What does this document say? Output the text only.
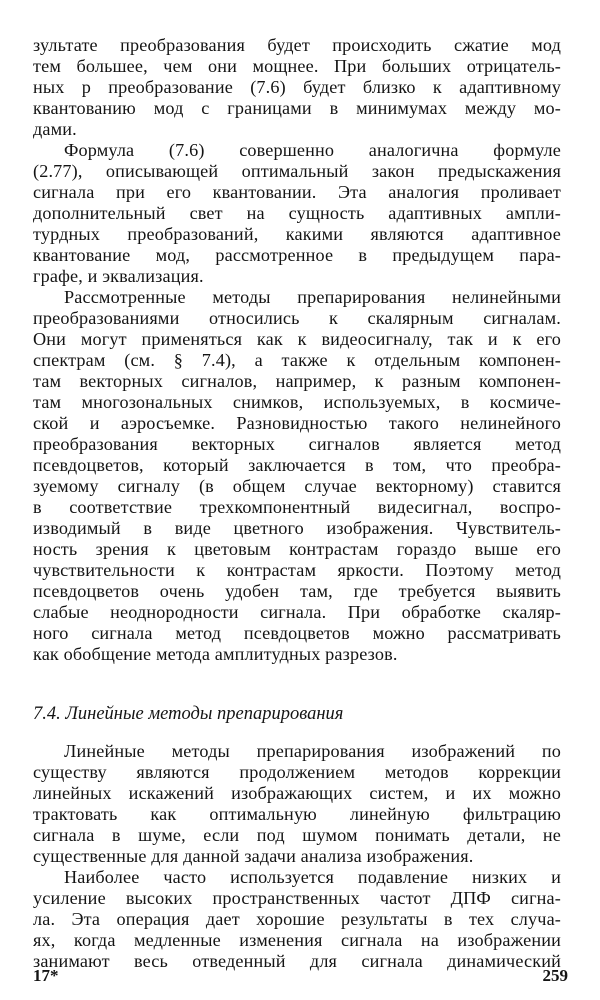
зультате преобразования будет происходить сжатие мод
тем большее, чем они мощнее. При больших отрицатель-
ных p преобразование (7.6) будет близко к адаптивному
квантованию мод с границами в минимумах между мо-
дами.
Формула (7.6) совершенно аналогична формуле
(2.77), описывающей оптимальный закон предыскажения
сигнала при его квантовании. Эта аналогия проливает
дополнительный свет на сущность адаптивных ампли-
турдных преобразований, какими являются адаптивное
квантование мод, рассмотренное в предыдущем пара-
графе, и эквализация.
Рассмотренные методы препарирования нелинейными
преобразованиями относились к скалярным сигналам.
Они могут применяться как к видеосигналу, так и к его
спектрам (см. § 7.4), а также к отдельным компонен-
там векторных сигналов, например, к разным компонен-
там многозональных снимков, используемых, в космиче-
ской и аэросъемке. Разновидностью такого нелинейного
преобразования векторных сигналов является метод
псевдоцветов, который заключается в том, что преобра-
зуемому сигналу (в общем случае векторному) ставится
в соответствие трехкомпонентный видесигнал, воспро-
изводимый в виде цветного изображения. Чувствитель-
ность зрения к цветовым контрастам гораздо выше его
чувствительности к контрастам яркости. Поэтому метод
псевдоцветов очень удобен там, где требуется выявить
слабые неоднородности сигнала. При обработке скаляр-
ного сигнала метод псевдоцветов можно рассматривать
как обобщение метода амплитудных разрезов.
7.4. Линейные методы препарирования
Линейные методы препарирования изображений по
существу являются продолжением методов коррекции
линейных искажений изображающих систем, и их можно
трактовать как оптимальную линейную фильтрацию
сигнала в шуме, если под шумом понимать детали, не
существенные для данной задачи анализа изображения.
Наиболее часто используется подавление низких и
усиление высоких пространственных частот ДПФ сигна-
ла. Эта операция дает хорошие результаты в тех случа-
ях, когда медленные изменения сигнала на изображении
занимают весь отведенный для сигнала динамический
17*	259
